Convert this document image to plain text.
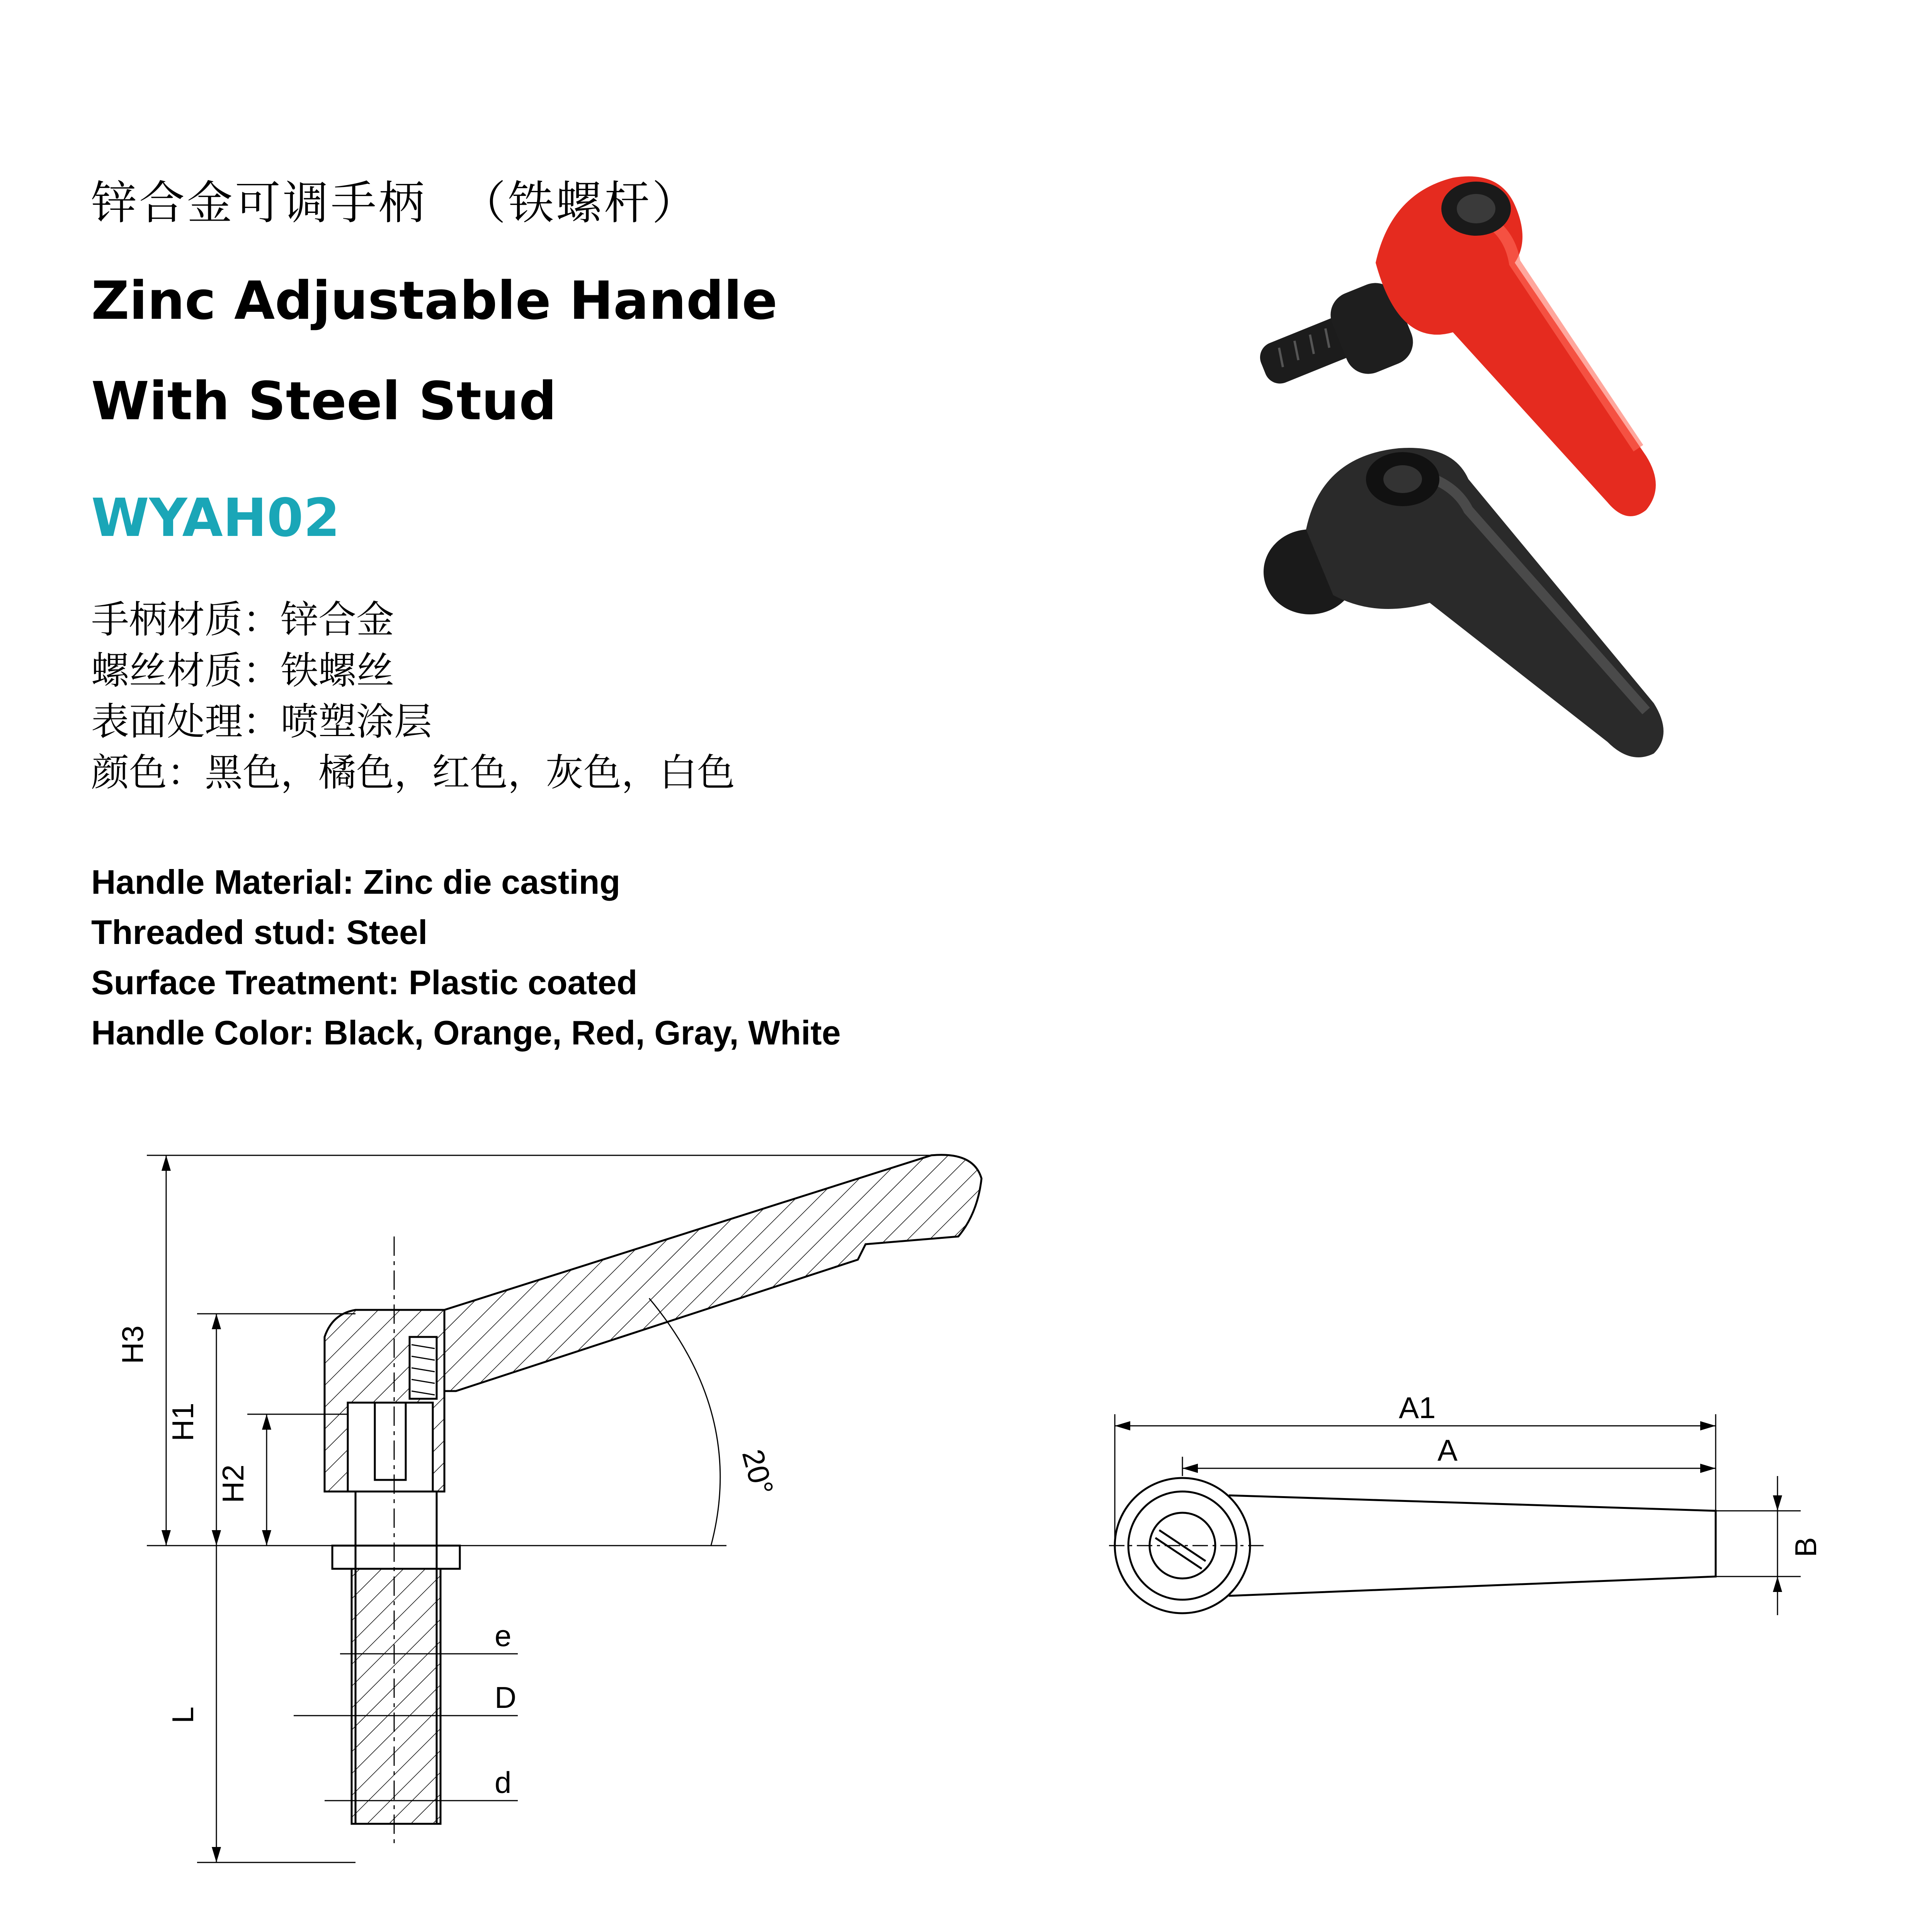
锌合金可调手柄  （铁螺杆）
Zinc Adjustable Handle
With Steel Stud
WYAH02
手柄材质：锌合金
螺丝材质：铁螺丝
表面处理：喷塑涂层
颜色：黑色，橘色，红色，灰色，白色
Handle Material: Zinc die casting
Threaded stud: Steel
Surface Treatment: Plastic coated
Handle Color: Black, Orange, Red, Gray, White
H3
H1
H2
L
e
D
d
20°
A1
A
B
